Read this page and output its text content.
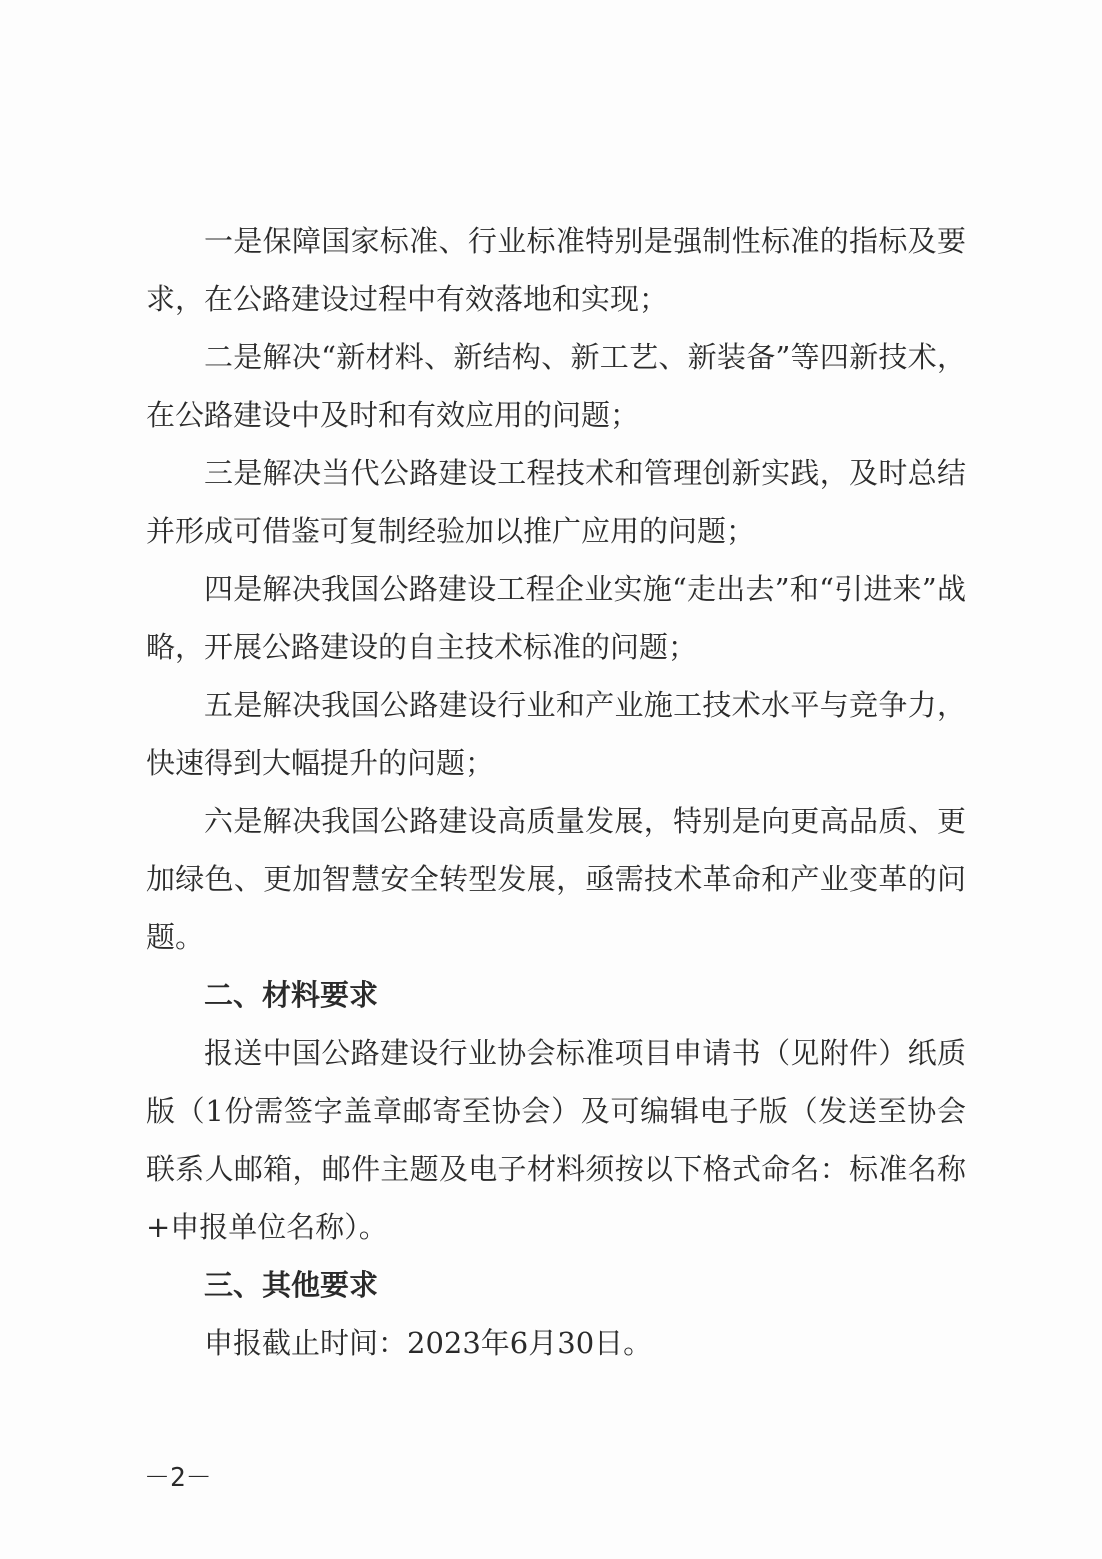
一是保障国家标准、行业标准特别是强制性标准的指标及要求，在公路建设过程中有效落地和实现；

二是解决“新材料、新结构、新工艺、新装备”等四新技术，在公路建设中及时和有效应用的问题；

三是解决当代公路建设工程技术和管理创新实践，及时总结并形成可借鉴可复制经验加以推广应用的问题；

四是解决我国公路建设工程企业实施“走出去”和“引进来”战略，开展公路建设的自主技术标准的问题；

五是解决我国公路建设行业和产业施工技术水平与竞争力，快速得到大幅提升的问题；

六是解决我国公路建设高质量发展，特别是向更高品质、更加绿色、更加智慧安全转型发展，亟需技术革命和产业变革的问题。

二、材料要求

报送中国公路建设行业协会标准项目申请书（见附件）纸质版（1份需签字盖章邮寄至协会）及可编辑电子版（发送至协会联系人邮箱，邮件主题及电子材料须按以下格式命名：标准名称+申报单位名称）。

三、其他要求

申报截止时间：2023年6月30日。

－2－
